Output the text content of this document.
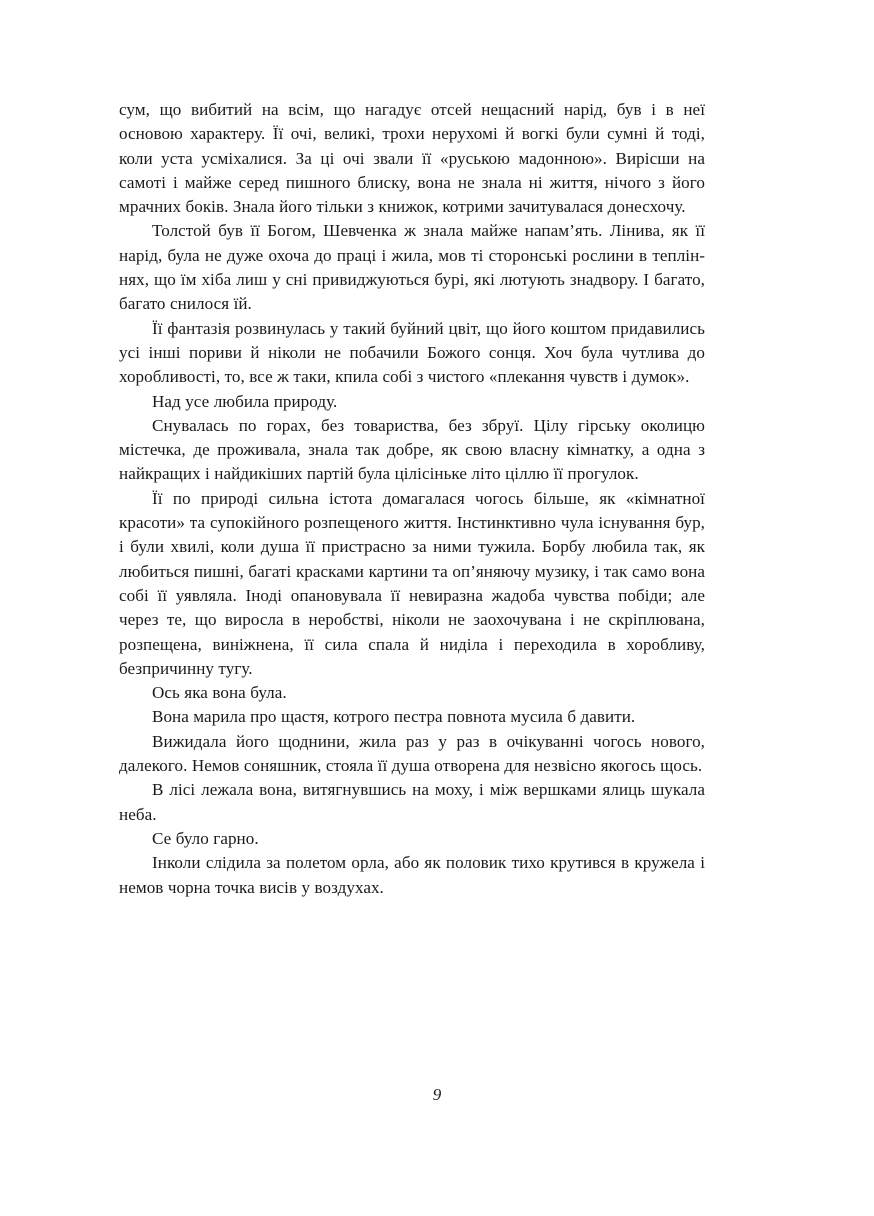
сум, що вибитий на всім, що нагадує отсей нещасний нарід, був і в неї основою характеру. Її очі, великі, трохи нерухомі й вогкі були сумні й тоді, коли уста усміхалися. За ці очі звали її «руською мадонною». Вирісши на самоті і майже серед пишного блиску, вона не знала ні життя, нічого з його мрачних боків. Знала його тільки з книжок, котрими зачитувалася донесхочу.

Толстой був її Богом, Шевченка ж знала майже напам’ять. Лінива, як її нарід, була не дуже охоча до праці і жила, мов ті сторонські рослини в тепліннях, що їм хіба лиш у сні привиджуються бурі, які лютують знадвору. І багато, багато снилося їй.

Її фантазія розвинулась у такий буйний цвіт, що його коштом придавились усі інші пориви й ніколи не побачили Божого сонця. Хоч була чутлива до хоробливості, то, все ж таки, кпила собі з чистого «плекання чувств і думок».

Над усе любила природу.

Снувалась по горах, без товариства, без збруї. Цілу гірську околицю містечка, де проживала, знала так добре, як свою власну кімнатку, а одна з найкращих і найдикіших партій була цілісіньке літо ціллю її прогулок.

Її по природі сильна істота домагалася чогось більше, як «кімнатної красоти» та супокійного розпещеного життя. Інстинктивно чула існування бур, і були хвилі, коли душа її пристрасно за ними тужила. Борбу любила так, як любиться пишні, багаті красками картини та оп’яняючу музику, і так само вона собі її уявляла. Іноді опановувала її невиразна жадоба чувства побіди; але через те, що виросла в неробстві, ніколи не заохочувана і не скріплювана, розпещена, виніжнена, її сила спала й ниділа і переходила в хоробливу, безпричинну тугу.

Ось яка вона була.

Вона марила про щастя, котрого пестра повнота мусила б давити.

Вижидала його щоднини, жила раз у раз в очікуванні чогось нового, далекого. Немов соняшник, стояла її душа отворена для незвісно якогось щось.

В лісі лежала вона, витягнувшись на моху, і між вершками ялиць шукала неба.

Се було гарно.

Інколи слідила за полетом орла, або як половик тихо крутився в кружела і немов чорна точка висів у воздухах.

9
